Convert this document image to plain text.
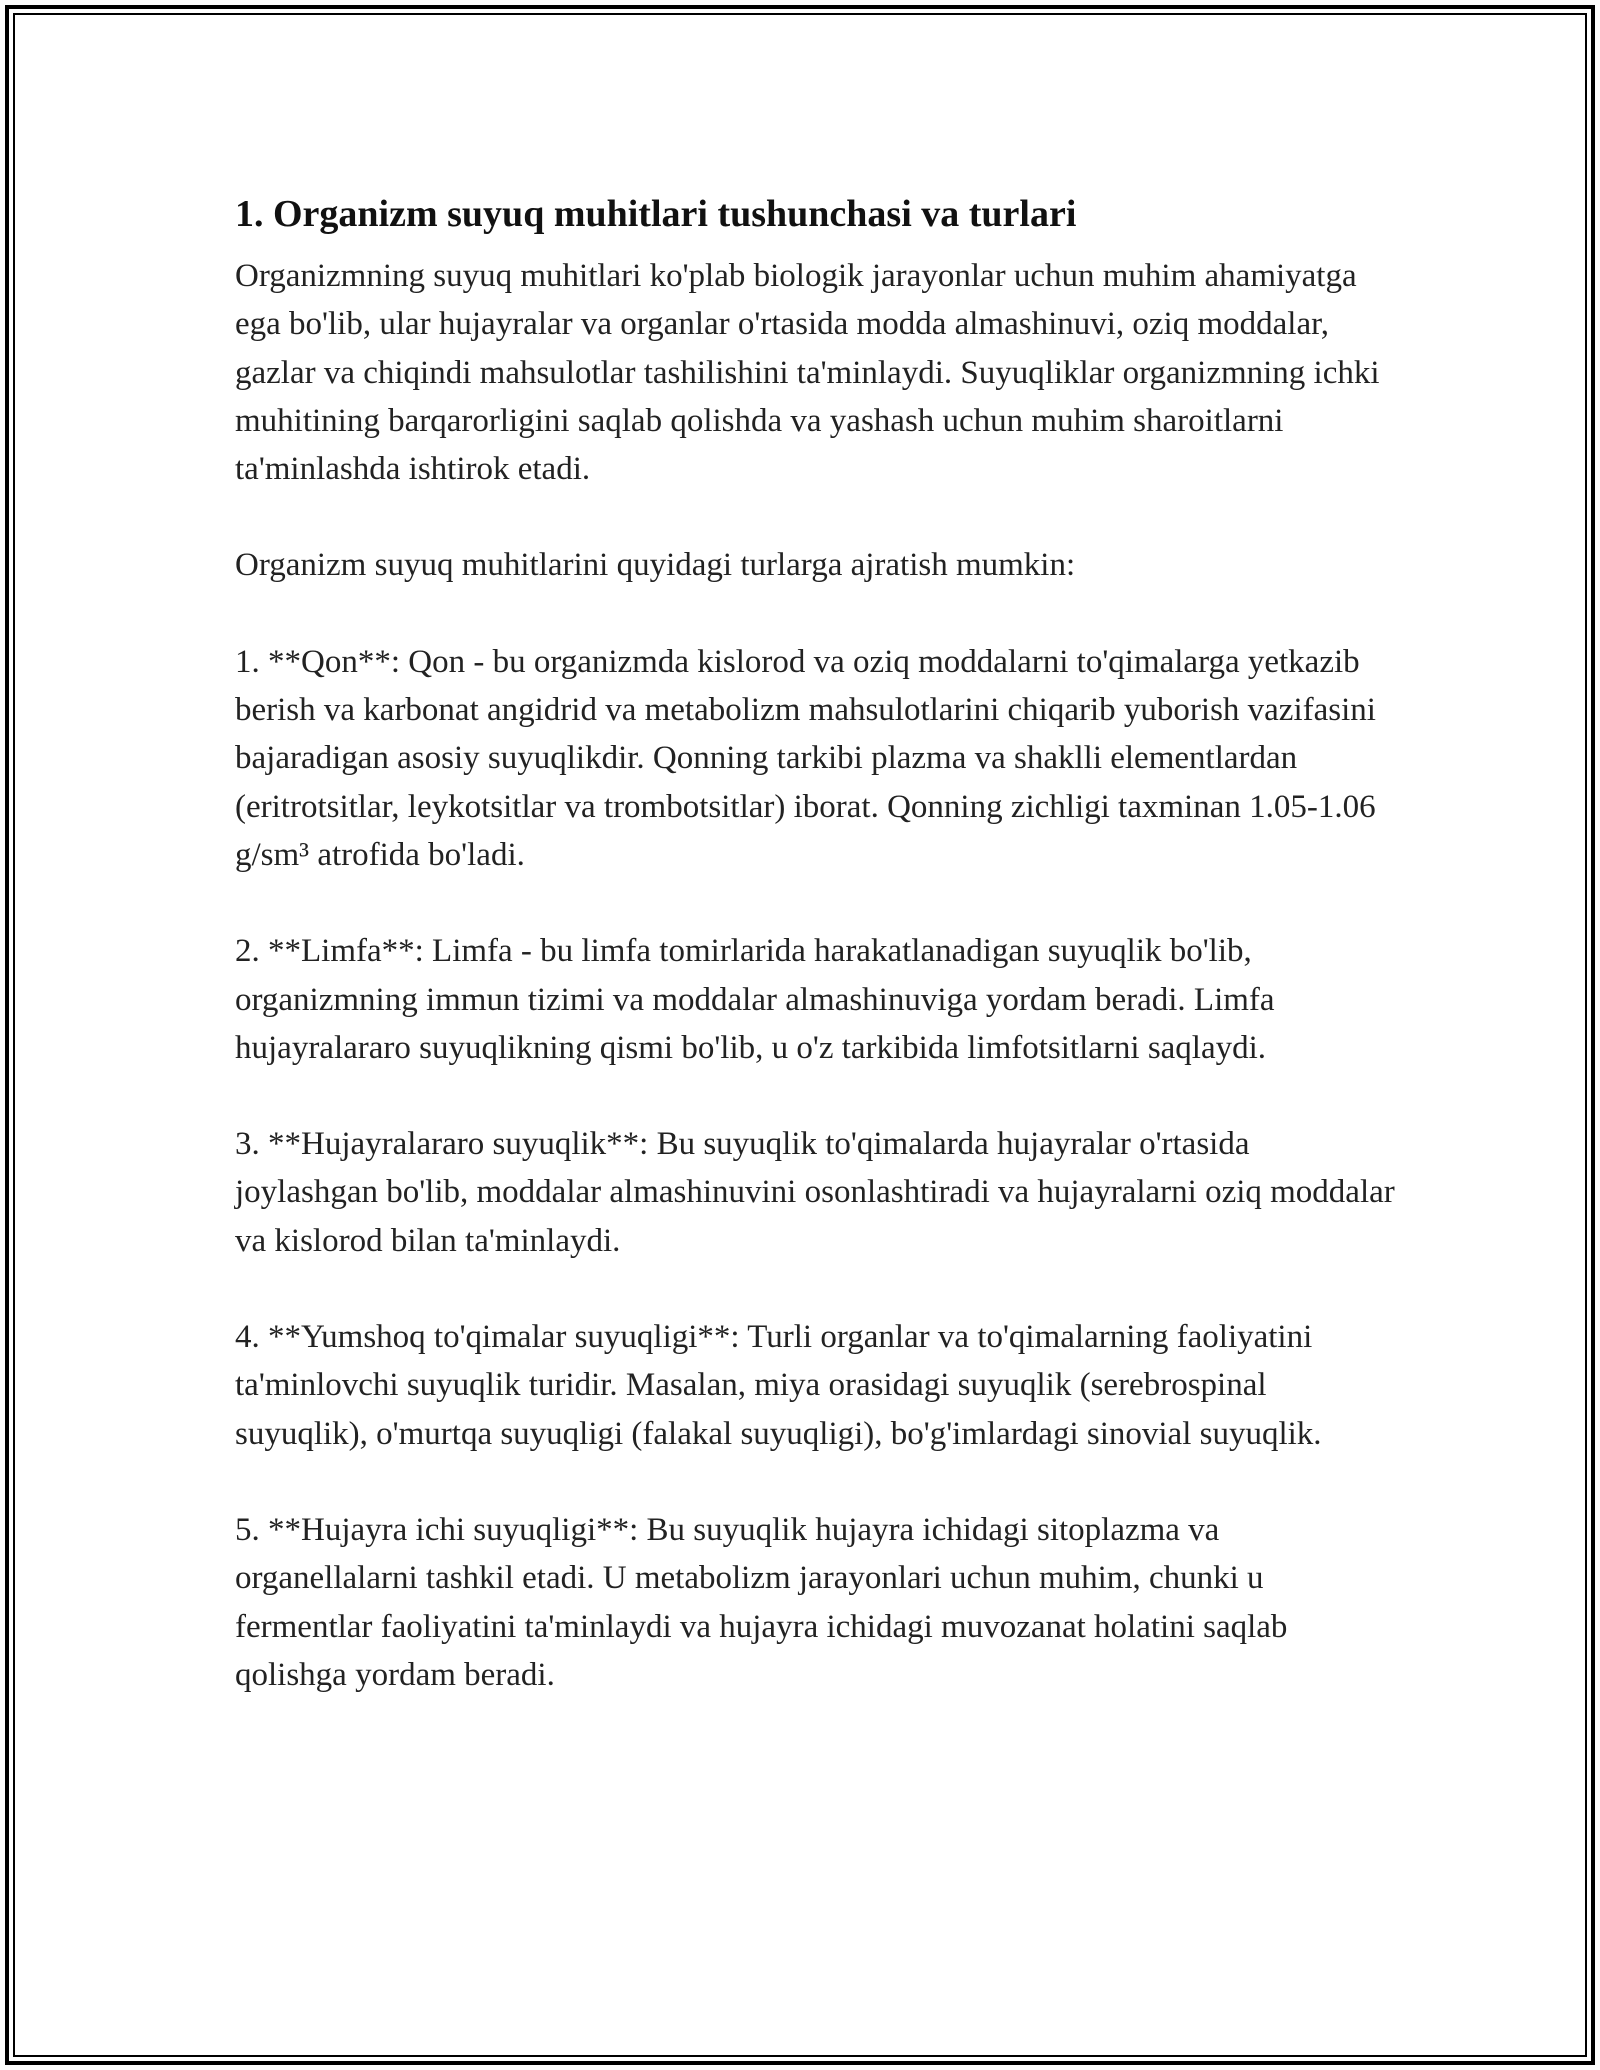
1. Organizm suyuq muhitlari tushunchasi va turlari

Organizmning suyuq muhitlari ko'plab biologik jarayonlar uchun muhim ahamiyatga ega bo'lib, ular hujayralar va organlar o'rtasida modda almashinuvi, oziq moddalar, gazlar va chiqindi mahsulotlar tashilishini ta'minlaydi. Suyuqliklar organizmning ichki muhitining barqarorligini saqlab qolishda va yashash uchun muhim sharoitlarni ta'minlashda ishtirok etadi.

Organizm suyuq muhitlarini quyidagi turlarga ajratish mumkin:

1. **Qon**: Qon - bu organizmda kislorod va oziq moddalarni to'qimalarga yetkazib berish va karbonat angidrid va metabolizm mahsulotlarini chiqarib yuborish vazifasini bajaradigan asosiy suyuqlikdir. Qonning tarkibi plazma va shaklli elementlardan (eritrotsitlar, leykotsitlar va trombotsitlar) iborat. Qonning zichligi taxminan 1.05-1.06 g/sm³ atrofida bo'ladi.

2. **Limfa**: Limfa - bu limfa tomirlarida harakatlanadigan suyuqlik bo'lib, organizmning immun tizimi va moddalar almashinuviga yordam beradi. Limfa hujayralararo suyuqlikning qismi bo'lib, u o'z tarkibida limfotsitlarni saqlaydi.

3. **Hujayralararo suyuqlik**: Bu suyuqlik to'qimalarda hujayralar o'rtasida joylashgan bo'lib, moddalar almashinuvini osonlashtiradi va hujayralarni oziq moddalar va kislorod bilan ta'minlaydi.

4. **Yumshoq to'qimalar suyuqligi**: Turli organlar va to'qimalarning faoliyatini ta'minlovchi suyuqlik turidir. Masalan, miya orasidagi suyuqlik (serebrospinal suyuqlik), o'murtqa suyuqligi (falakal suyuqligi), bo'g'imlardagi sinovial suyuqlik.

5. **Hujayra ichi suyuqligi**: Bu suyuqlik hujayra ichidagi sitoplazma va organellalarni tashkil etadi. U metabolizm jarayonlari uchun muhim, chunki u fermentlar faoliyatini ta'minlaydi va hujayra ichidagi muvozanat holatini saqlab qolishga yordam beradi.
